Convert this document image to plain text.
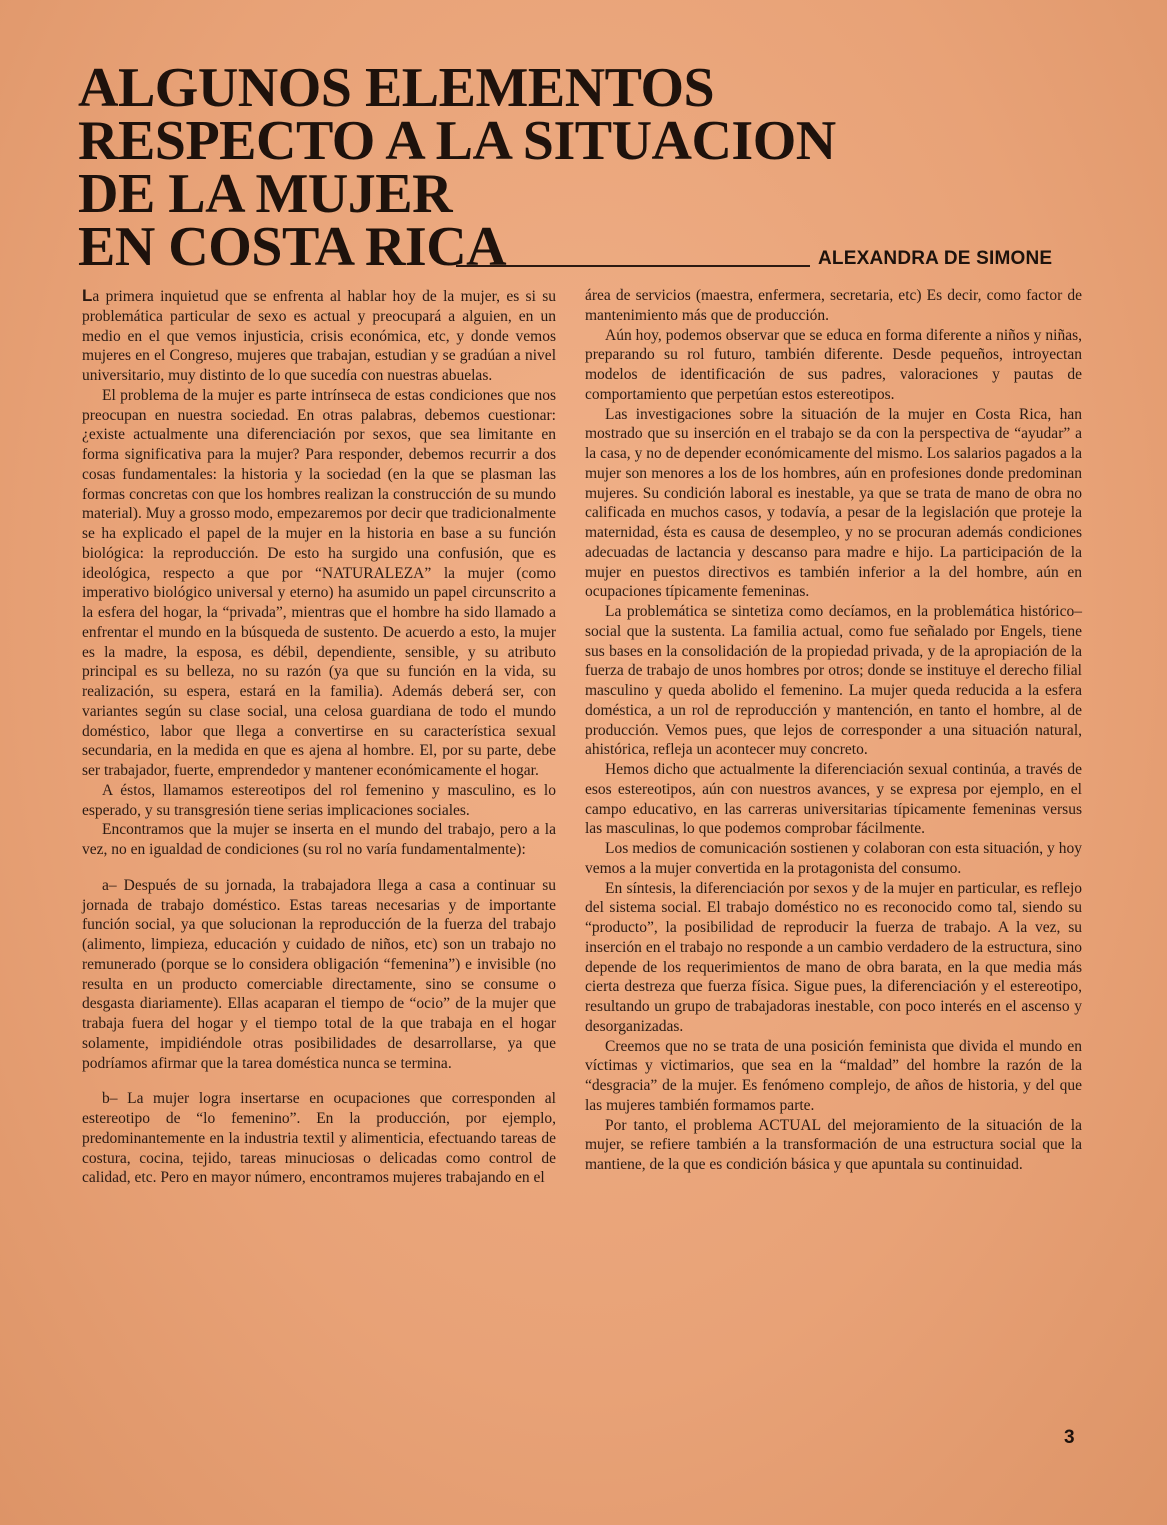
ALGUNOS ELEMENTOS
RESPECTO A LA SITUACION
DE LA MUJER
EN COSTA RICA	ALEXANDRA DE SIMONE

La primera inquietud que se enfrenta al hablar hoy de la mujer, es si su problemática particular de sexo es actual y preocupará a alguien, en un medio en el que vemos injusticia, crisis económica, etc, y donde vemos mujeres en el Congreso, mujeres que trabajan, estudian y se gradúan a nivel universitario, muy distinto de lo que sucedía con nuestras abuelas.

El problema de la mujer es parte intrínseca de estas condiciones que nos preocupan en nuestra sociedad. En otras palabras, debemos cuestionar: ¿existe actualmente una diferenciación por sexos, que sea limitante en forma significativa para la mujer? Para responder, debemos recurrir a dos cosas fundamentales: la historia y la sociedad (en la que se plasman las formas concretas con que los hombres realizan la construcción de su mundo material). Muy a grosso modo, empezaremos por decir que tradicionalmente se ha explicado el papel de la mujer en la historia en base a su función biológica: la reproducción. De esto ha surgido una confusión, que es ideológica, respecto a que por “NATURALEZA” la mujer (como imperativo biológico universal y eterno) ha asumido un papel circunscrito a la esfera del hogar, la “privada”, mientras que el hombre ha sido llamado a enfrentar el mundo en la búsqueda de sustento. De acuerdo a esto, la mujer es la madre, la esposa, es débil, dependiente, sensible, y su atributo principal es su belleza, no su razón (ya que su función en la vida, su realización, su espera, estará en la familia). Además deberá ser, con variantes según su clase social, una celosa guardiana de todo el mundo doméstico, labor que llega a convertirse en su característica sexual secundaria, en la medida en que es ajena al hombre. El, por su parte, debe ser trabajador, fuerte, emprendedor y mantener económicamente el hogar.

A éstos, llamamos estereotipos del rol femenino y masculino, es lo esperado, y su transgresión tiene serias implicaciones sociales.

Encontramos que la mujer se inserta en el mundo del trabajo, pero a la vez, no en igualdad de condiciones (su rol no varía fundamentalmente):

a– Después de su jornada, la trabajadora llega a casa a continuar su jornada de trabajo doméstico. Estas tareas necesarias y de importante función social, ya que solucionan la reproducción de la fuerza del trabajo (alimento, limpieza, educación y cuidado de niños, etc) son un trabajo no remunerado (porque se lo considera obligación “femenina”) e invisible (no resulta en un producto comerciable directamente, sino se consume o desgasta diariamente). Ellas acaparan el tiempo de “ocio” de la mujer que trabaja fuera del hogar y el tiempo total de la que trabaja en el hogar solamente, impidiéndole otras posibilidades de desarrollarse, ya que podríamos afirmar que la tarea doméstica nunca se termina.

b– La mujer logra insertarse en ocupaciones que corresponden al estereotipo de “lo femenino”. En la producción, por ejemplo, predominantemente en la industria textil y alimenticia, efectuando tareas de costura, cocina, tejido, tareas minuciosas o delicadas como control de calidad, etc. Pero en mayor número, encontramos mujeres trabajando en el

área de servicios (maestra, enfermera, secretaria, etc) Es decir, como factor de mantenimiento más que de producción.

Aún hoy, podemos observar que se educa en forma diferente a niños y niñas, preparando su rol futuro, también diferente. Desde pequeños, introyectan modelos de identificación de sus padres, valoraciones y pautas de comportamiento que perpetúan estos estereotipos.

Las investigaciones sobre la situación de la mujer en Costa Rica, han mostrado que su inserción en el trabajo se da con la perspectiva de “ayudar” a la casa, y no de depender económicamente del mismo. Los salarios pagados a la mujer son menores a los de los hombres, aún en profesiones donde predominan mujeres. Su condición laboral es inestable, ya que se trata de mano de obra no calificada en muchos casos, y todavía, a pesar de la legislación que proteje la maternidad, ésta es causa de desempleo, y no se procuran además condiciones adecuadas de lactancia y descanso para madre e hijo. La participación de la mujer en puestos directivos es también inferior a la del hombre, aún en ocupaciones típicamente femeninas.

La problemática se sintetiza como decíamos, en la problemática histórico–social que la sustenta. La familia actual, como fue señalado por Engels, tiene sus bases en la consolidación de la propiedad privada, y de la apropiación de la fuerza de trabajo de unos hombres por otros; donde se instituye el derecho filial masculino y queda abolido el femenino. La mujer queda reducida a la esfera doméstica, a un rol de reproducción y mantención, en tanto el hombre, al de producción. Vemos pues, que lejos de corresponder a una situación natural, ahistórica, refleja un acontecer muy concreto.

Hemos dicho que actualmente la diferenciación sexual continúa, a través de esos estereotipos, aún con nuestros avances, y se expresa por ejemplo, en el campo educativo, en las carreras universitarias típicamente femeninas versus las masculinas, lo que podemos comprobar fácilmente.

Los medios de comunicación sostienen y colaboran con esta situación, y hoy vemos a la mujer convertida en la protagonista del consumo.

En síntesis, la diferenciación por sexos y de la mujer en particular, es reflejo del sistema social. El trabajo doméstico no es reconocido como tal, siendo su “producto”, la posibilidad de reproducir la fuerza de trabajo. A la vez, su inserción en el trabajo no responde a un cambio verdadero de la estructura, sino depende de los requerimientos de mano de obra barata, en la que media más cierta destreza que fuerza física. Sigue pues, la diferenciación y el estereotipo, resultando un grupo de trabajadoras inestable, con poco interés en el ascenso y desorganizadas.

Creemos que no se trata de una posición feminista que divida el mundo en víctimas y victimarios, que sea en la “maldad” del hombre la razón de la “desgracia” de la mujer. Es fenómeno complejo, de años de historia, y del que las mujeres también formamos parte.

Por tanto, el problema ACTUAL del mejoramiento de la situación de la mujer, se refiere también a la transformación de una estructura social que la mantiene, de la que es condición básica y que apuntala su continuidad.

3
